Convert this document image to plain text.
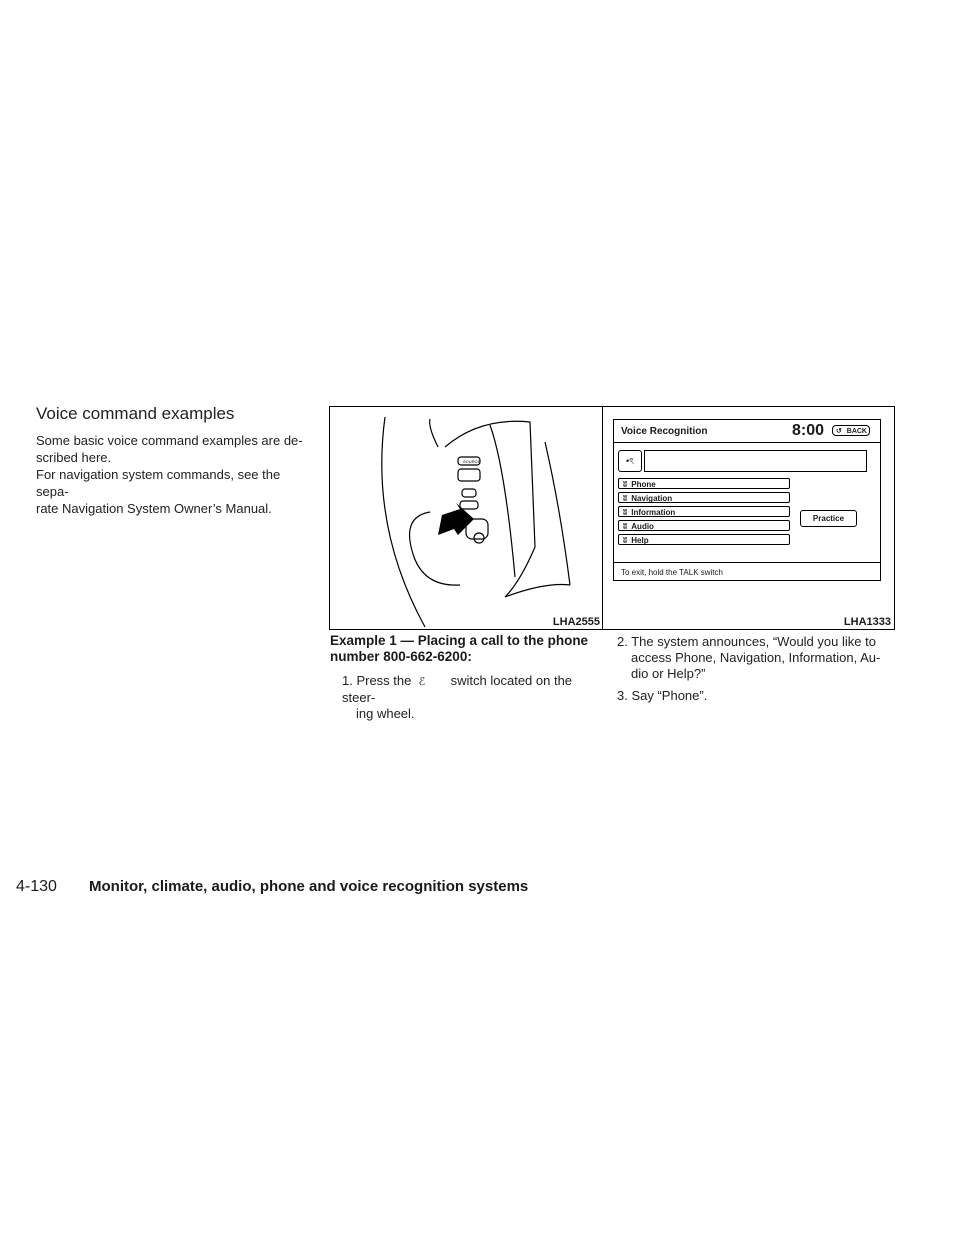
Voice command examples

Some basic voice command examples are de-
scribed here.

For navigation system commands, see the sepa-
rate Navigation System Owner’s Manual.

SOURCE
LHA2555
Voice Recognition	8:00 ↺ BACK
•ৎ
ʬ Phone
ʬ Navigation
ʬ Information
ʬ Audio
ʬ Help
Practice
To exit, hold the TALK switch
LHA1333
Example 1 — Placing a call to the phone
number 800-662-6200:
1. Press the ℰ switch located on the steer-
ing wheel.
2. The system announces, “Would you like to
access Phone, Navigation, Information, Au-
dio or Help?”
3. Say “Phone”.
4-130 Monitor, climate, audio, phone and voice recognition systems
